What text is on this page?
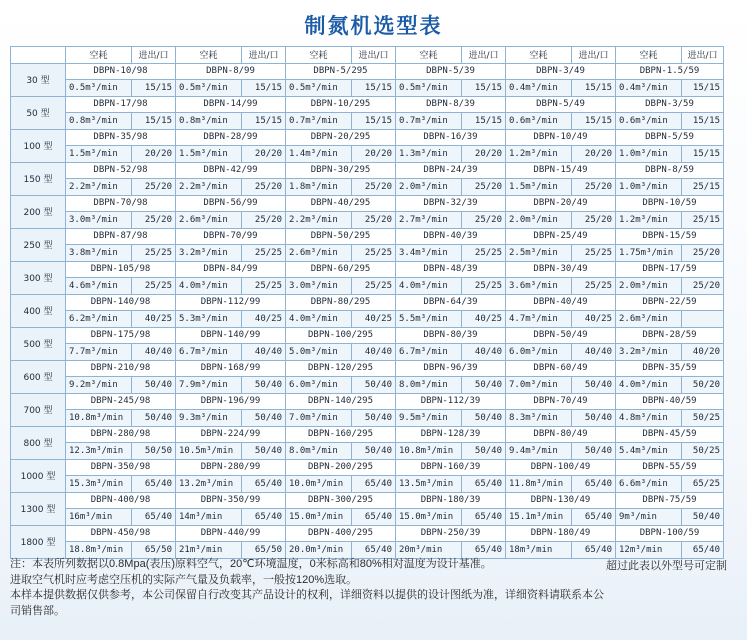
制氮机选型表
	空耗	进出/口	空耗	进出/口	空耗	进出/口	空耗	进出/口	空耗	进出/口	空耗	进出/口
30 型	DBPN-10/98		DBPN-8/99		DBPN-5/295		DBPN-5/39		DBPN-3/49		DBPN-1.5/59	
	0.5m³/min	15/15	0.5m³/min	15/15	0.5m³/min	15/15	0.5m³/min	15/15	0.4m³/min	15/15	0.4m³/min	15/15
50 型	DBPN-17/98		DBPN-14/99		DBPN-10/295		DBPN-8/39		DBPN-5/49		DBPN-3/59	
	0.8m³/min	15/15	0.8m³/min	15/15	0.7m³/min	15/15	0.7m³/min	15/15	0.6m³/min	15/15	0.6m³/min	15/15
100 型	DBPN-35/98		DBPN-28/99		DBPN-20/295		DBPN-16/39		DBPN-10/49		DBPN-5/59	
	1.5m³/min	20/20	1.5m³/min	20/20	1.4m³/min	20/20	1.3m³/min	20/20	1.2m³/min	20/20	1.0m³/min	15/15
150 型	DBPN-52/98		DBPN-42/99		DBPN-30/295		DBPN-24/39		DBPN-15/49		DBPN-8/59	
	2.2m³/min	25/20	2.2m³/min	25/20	1.8m³/min	25/20	2.0m³/min	25/20	1.5m³/min	25/20	1.0m³/min	25/15
200 型	DBPN-70/98		DBPN-56/99		DBPN-40/295		DBPN-32/39		DBPN-20/49		DBPN-10/59	
	3.0m³/min	25/20	2.6m³/min	25/20	2.2m³/min	25/20	2.7m³/min	25/20	2.0m³/min	25/20	1.2m³/min	25/15
250 型	DBPN-87/98		DBPN-70/99		DBPN-50/295		DBPN-40/39		DBPN-25/49		DBPN-15/59	
	3.8m³/min	25/25	3.2m³/min	25/25	2.6m³/min	25/25	3.4m³/min	25/25	2.5m³/min	25/25	1.75m³/min	25/20
300 型	DBPN-105/98		DBPN-84/99		DBPN-60/295		DBPN-48/39		DBPN-30/49		DBPN-17/59	
	4.6m³/min	25/25	4.0m³/min	25/25	3.0m³/min	25/25	4.0m³/min	25/25	3.6m³/min	25/25	2.0m³/min	25/20
400 型	DBPN-140/98		DBPN-112/99		DBPN-80/295		DBPN-64/39		DBPN-40/49		DBPN-22/59	
	6.2m³/min	40/25	5.3m³/min	40/25	4.0m³/min	40/25	5.5m³/min	40/25	4.7m³/min	40/25	2.6m³/min	
500 型	DBPN-175/98		DBPN-140/99		DBPN-100/295		DBPN-80/39		DBPN-50/49		DBPN-28/59	
	7.7m³/min	40/40	6.7m³/min	40/40	5.0m³/min	40/40	6.7m³/min	40/40	6.0m³/min	40/40	3.2m³/min	40/20
600 型	DBPN-210/98		DBPN-168/99		DBPN-120/295		DBPN-96/39		DBPN-60/49		DBPN-35/59	
	9.2m³/min	50/40	7.9m³/min	50/40	6.0m³/min	50/40	8.0m³/min	50/40	7.0m³/min	50/40	4.0m³/min	50/20
700 型	DBPN-245/98		DBPN-196/99		DBPN-140/295		DBPN-112/39		DBPN-70/49		DBPN-40/59	
	10.8m³/min	50/40	9.3m³/min	50/40	7.0m³/min	50/40	9.5m³/min	50/40	8.3m³/min	50/40	4.8m³/min	50/25
800 型	DBPN-280/98		DBPN-224/99		DBPN-160/295		DBPN-128/39		DBPN-80/49		DBPN-45/59	
	12.3m³/min	50/50	10.5m³/min	50/40	8.0m³/min	50/40	10.8m³/min	50/40	9.4m³/min	50/40	5.4m³/min	50/25
1000 型	DBPN-350/98		DBPN-280/99		DBPN-200/295		DBPN-160/39		DBPN-100/49		DBPN-55/59	
	15.3m³/min	65/40	13.2m³/min	65/40	10.0m³/min	65/40	13.5m³/min	65/40	11.8m³/min	65/40	6.6m³/min	65/25
1300 型	DBPN-400/98		DBPN-350/99		DBPN-300/295		DBPN-180/39		DBPN-130/49		DBPN-75/59	
	16m³/min	65/40	14m³/min	65/40	15.0m³/min	65/40	15.0m³/min	65/40	15.1m³/min	65/40	9m³/min	50/40
1800 型	DBPN-450/98		DBPN-440/99		DBPN-400/295		DBPN-250/39		DBPN-180/49		DBPN-100/59	
	18.8m³/min	65/50	21m³/min	65/50	20.0m³/min	65/40	20m³/min	65/40	18m³/min	65/40	12m³/min	65/40
注：本表所列数据以0.8Mpa(表压)原料空气，20℃环境温度，0米标高和80%相对温度为设计基准。
进取空气机时应考虑空压机的实际产气量及负载率，一般按120%选取。
本样本提供数据仅供参考，本公司保留自行改变其产品设计的权利，详细资料以提供的设计图纸为准，详细资料请联系本公司销售部。
超过此表以外型号可定制
